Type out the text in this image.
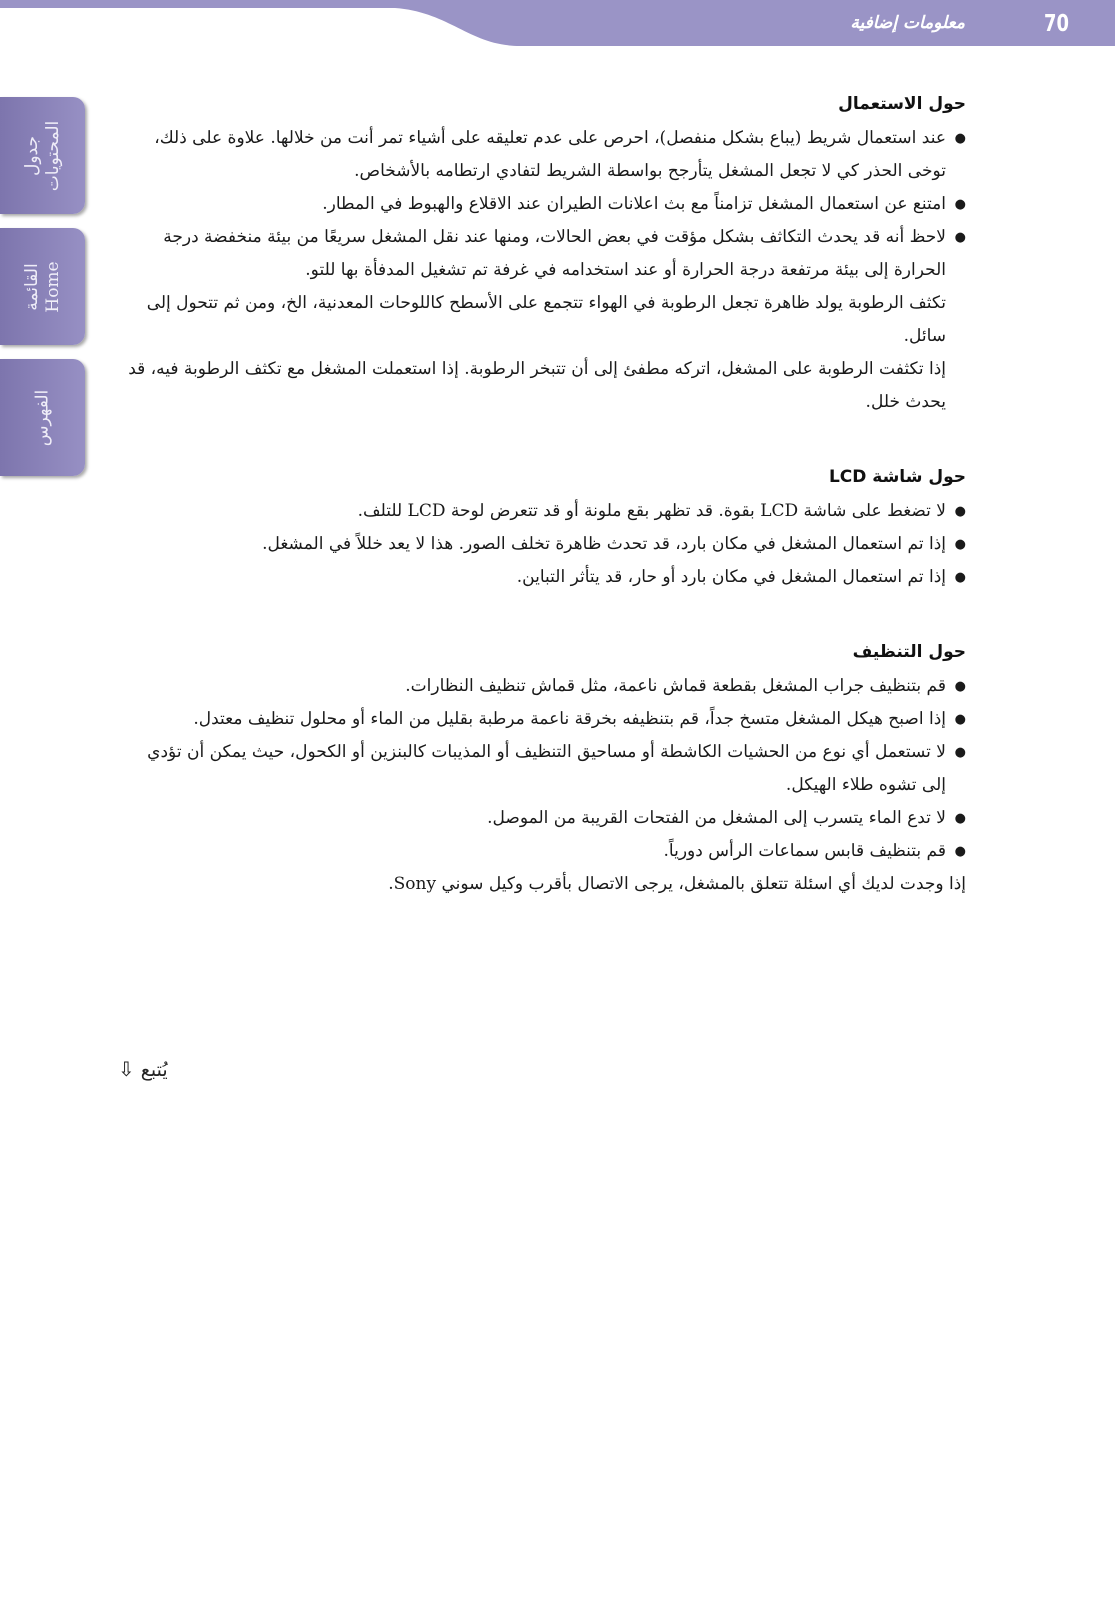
70
معلومات إضافية
جدول المحتويات
القائمة Home
الفهرس
حول الاستعمال
●
عند استعمال شريط (يباع بشكل منفصل)، احرص على عدم تعليقه على أشياء تمر أنت من خلالها. علاوة على ذلك، توخى الحذر كي لا تجعل المشغل يتأرجح بواسطة الشريط لتفادي ارتطامه بالأشخاص.
●
امتنع عن استعمال المشغل تزامناً مع بث اعلانات الطيران عند الاقلاع والهبوط في المطار.
●
لاحظ أنه قد يحدث التكاثف بشكل مؤقت في بعض الحالات، ومنها عند نقل المشغل سريعًا من بيئة منخفضة درجة الحرارة إلى بيئة مرتفعة درجة الحرارة أو عند استخدامه في غرفة تم تشغيل المدفأة بها للتو.

تكثف الرطوبة يولد ظاهرة تجعل الرطوبة في الهواء تتجمع على الأسطح كاللوحات المعدنية، الخ، ومن ثم تتحول إلى سائل.

إذا تكثفت الرطوبة على المشغل، اتركه مطفئ إلى أن تتبخر الرطوبة. إذا استعملت المشغل مع تكثف الرطوبة فيه، قد يحدث خلل.

حول شاشة LCD
●
لا تضغط على شاشة LCD بقوة. قد تظهر بقع ملونة أو قد تتعرض لوحة LCD للتلف.
●
إذا تم استعمال المشغل في مكان بارد، قد تحدث ظاهرة تخلف الصور. هذا لا يعد خللاً في المشغل.
●
إذا تم استعمال المشغل في مكان بارد أو حار، قد يتأثر التباين.
حول التنظيف
●
قم بتنظيف جراب المشغل بقطعة قماش ناعمة، مثل قماش تنظيف النظارات.
●
إذا اصبح هيكل المشغل متسخ جداً، قم بتنظيفه بخرقة ناعمة مرطبة بقليل من الماء أو محلول تنظيف معتدل.
●
لا تستعمل أي نوع من الحشيات الكاشطة أو مساحيق التنظيف أو المذيبات كالبنزين أو الكحول، حيث يمكن أن تؤدي إلى تشوه طلاء الهيكل.
●
لا تدع الماء يتسرب إلى المشغل من الفتحات القريبة من الموصل.
●
قم بتنظيف قابس سماعات الرأس دورياً.

إذا وجدت لديك أي اسئلة تتعلق بالمشغل، يرجى الاتصال بأقرب وكيل سوني Sony.

يُتبع⇩
